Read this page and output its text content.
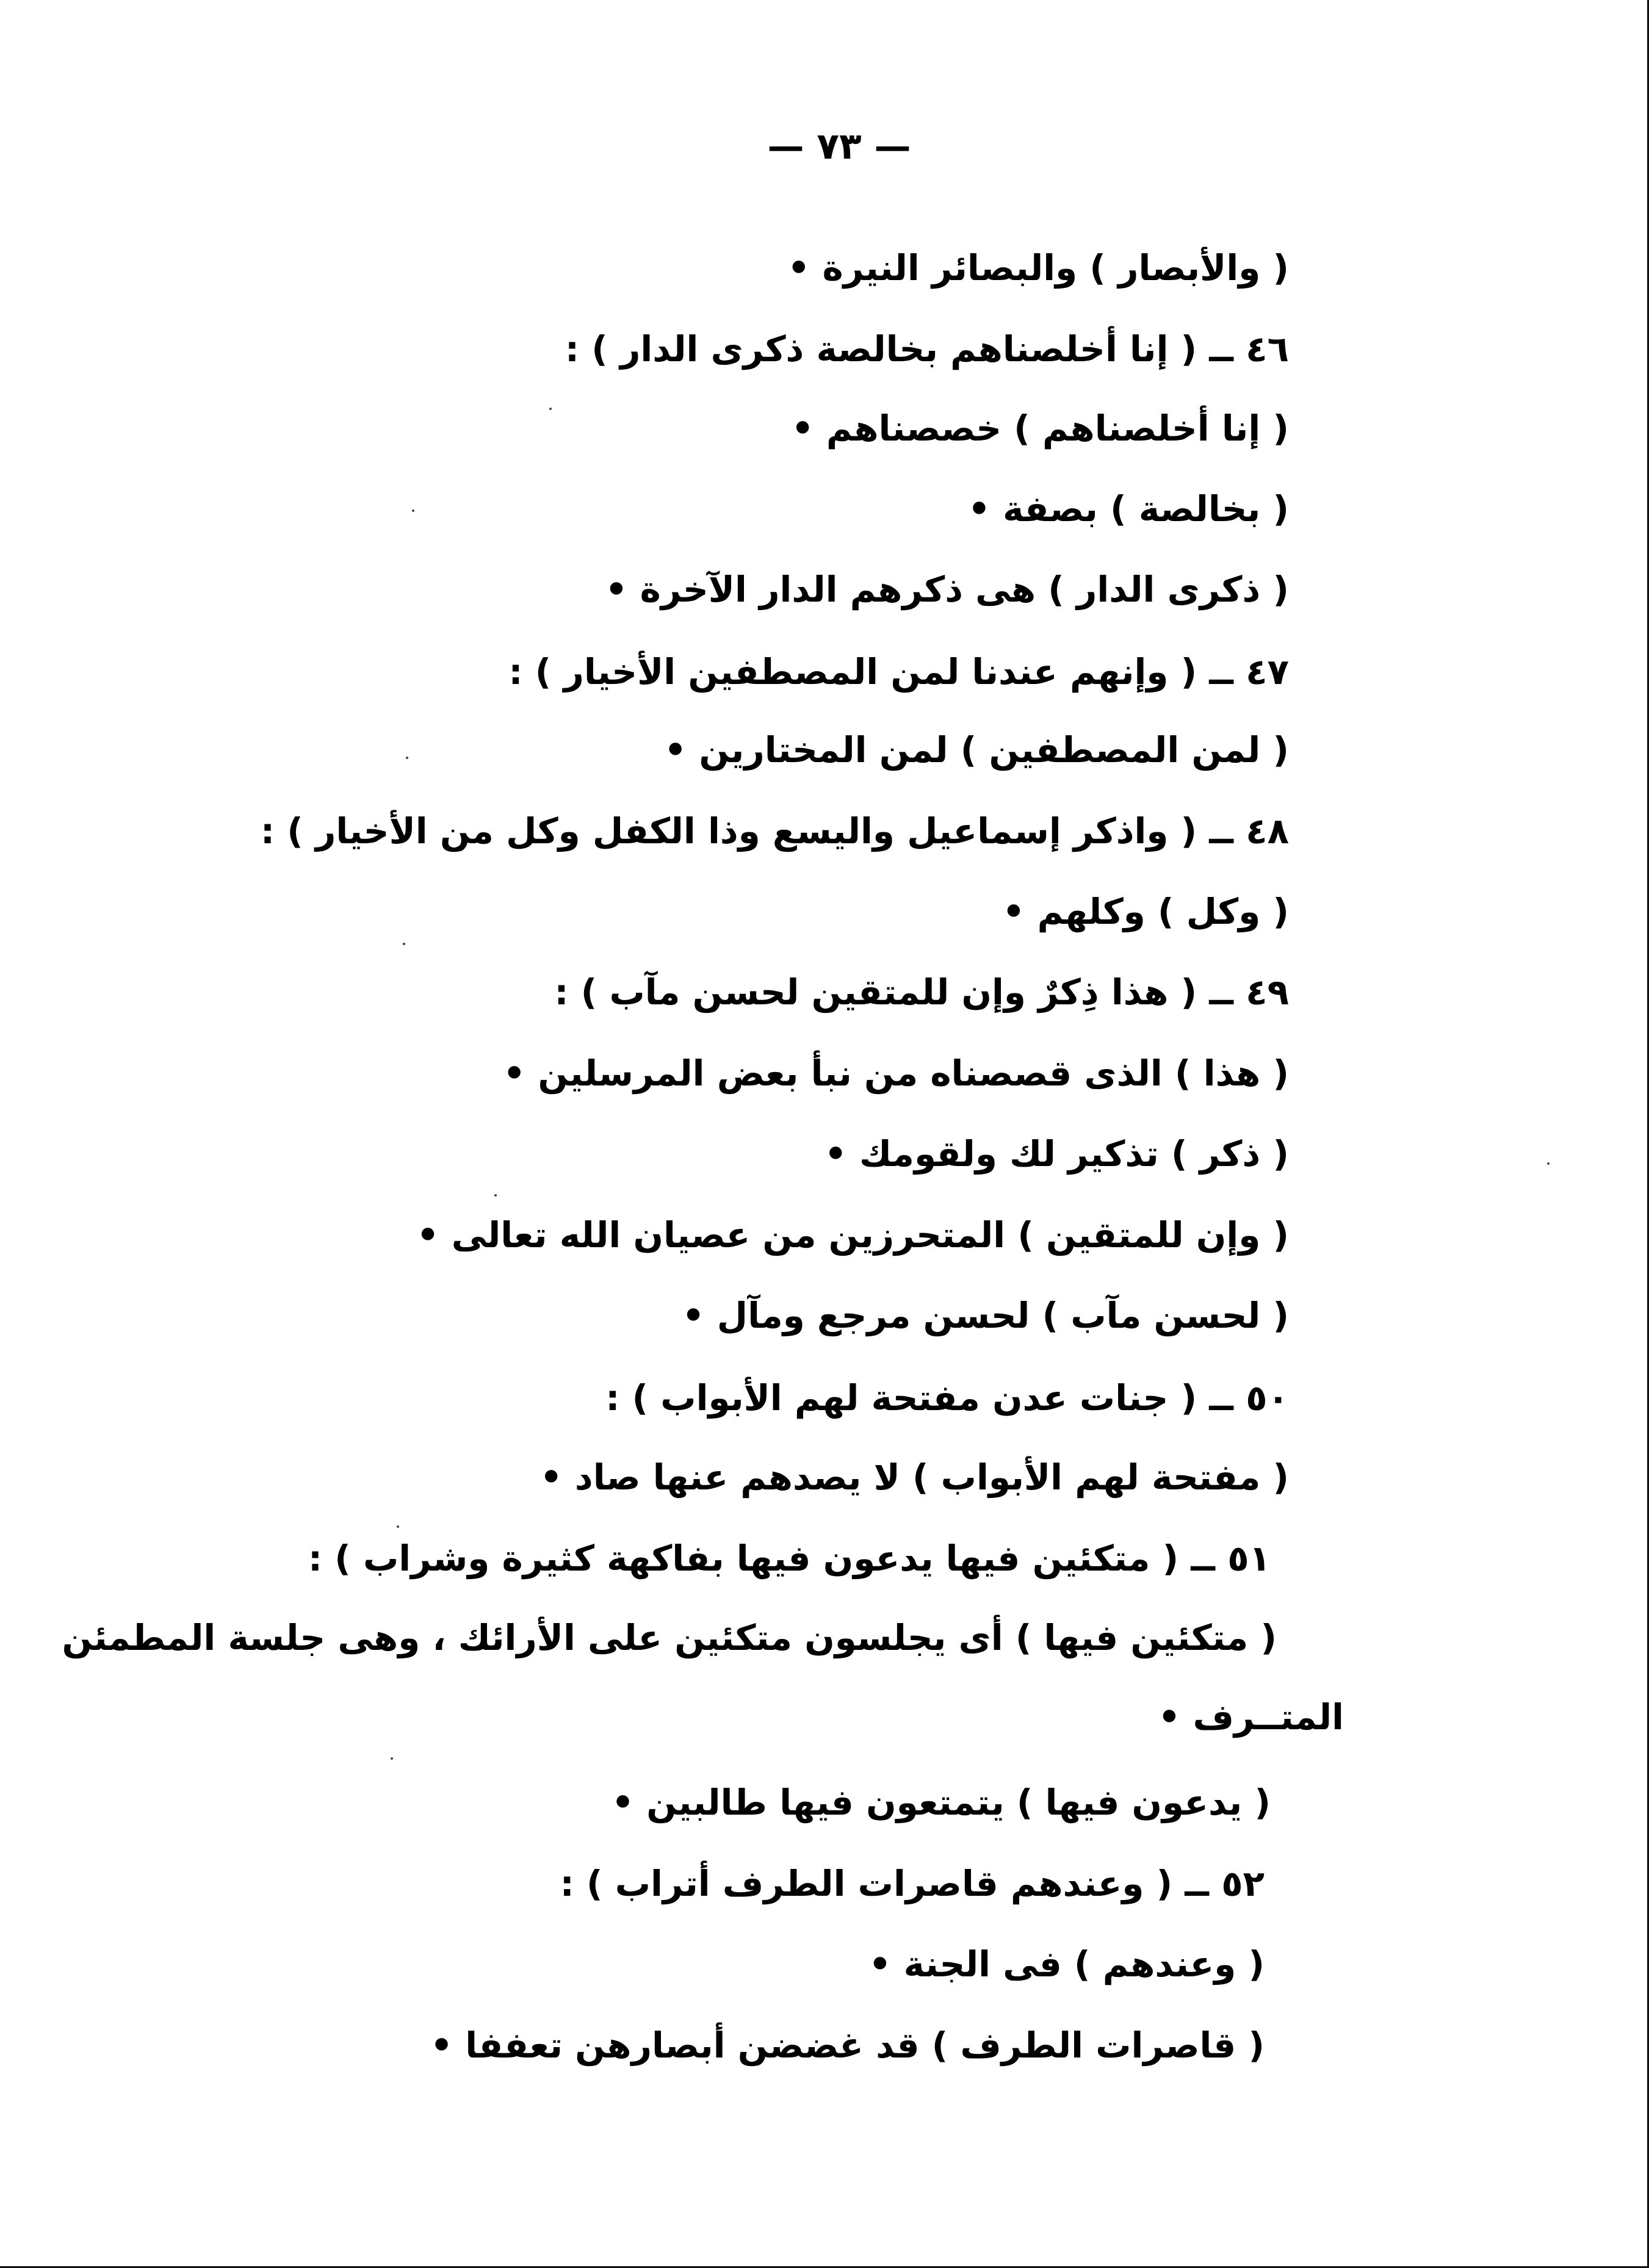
— ٧٣ —
( والأبصار ) والبصائر النيرة •
٤٦ ــ ( إنا أخلصناهم بخالصة ذكرى الدار ) :
( إنا أخلصناهم ) خصصناهم •
( بخالصة ) بصفة •
( ذكرى الدار ) هى ذكرهم الدار الآخرة •
٤٧ ــ ( وإنهم عندنا لمن المصطفين الأخيار ) :
( لمن المصطفين ) لمن المختارين •
٤٨ ــ ( واذكر إسماعيل واليسع وذا الكفل وكل من الأخيار ) :
( وكل ) وكلهم •
٤٩ ــ ( هذا ذِكرٌ وإن للمتقين لحسن مآب ) :
( هذا ) الذى قصصناه من نبأ بعض المرسلين •
( ذكر ) تذكير لك ولقومك •
( وإن للمتقين ) المتحرزين من عصيان الله تعالى •
( لحسن مآب ) لحسن مرجع ومآل •
٥٠ ــ ( جنات عدن مفتحة لهم الأبواب ) :
( مفتحة لهم الأبواب ) لا يصدهم عنها صاد •
٥١ ــ ( متكئين فيها يدعون فيها بفاكهة كثيرة وشراب ) :
( متكئين فيها ) أى يجلسون متكئين على الأرائك ، وهى جلسة المطمئن
المتــرف •
( يدعون فيها ) يتمتعون فيها طالبين •
٥٢ ــ ( وعندهم قاصرات الطرف أتراب ) :
( وعندهم ) فى الجنة •
( قاصرات الطرف ) قد غضضن أبصارهن تعففا •
